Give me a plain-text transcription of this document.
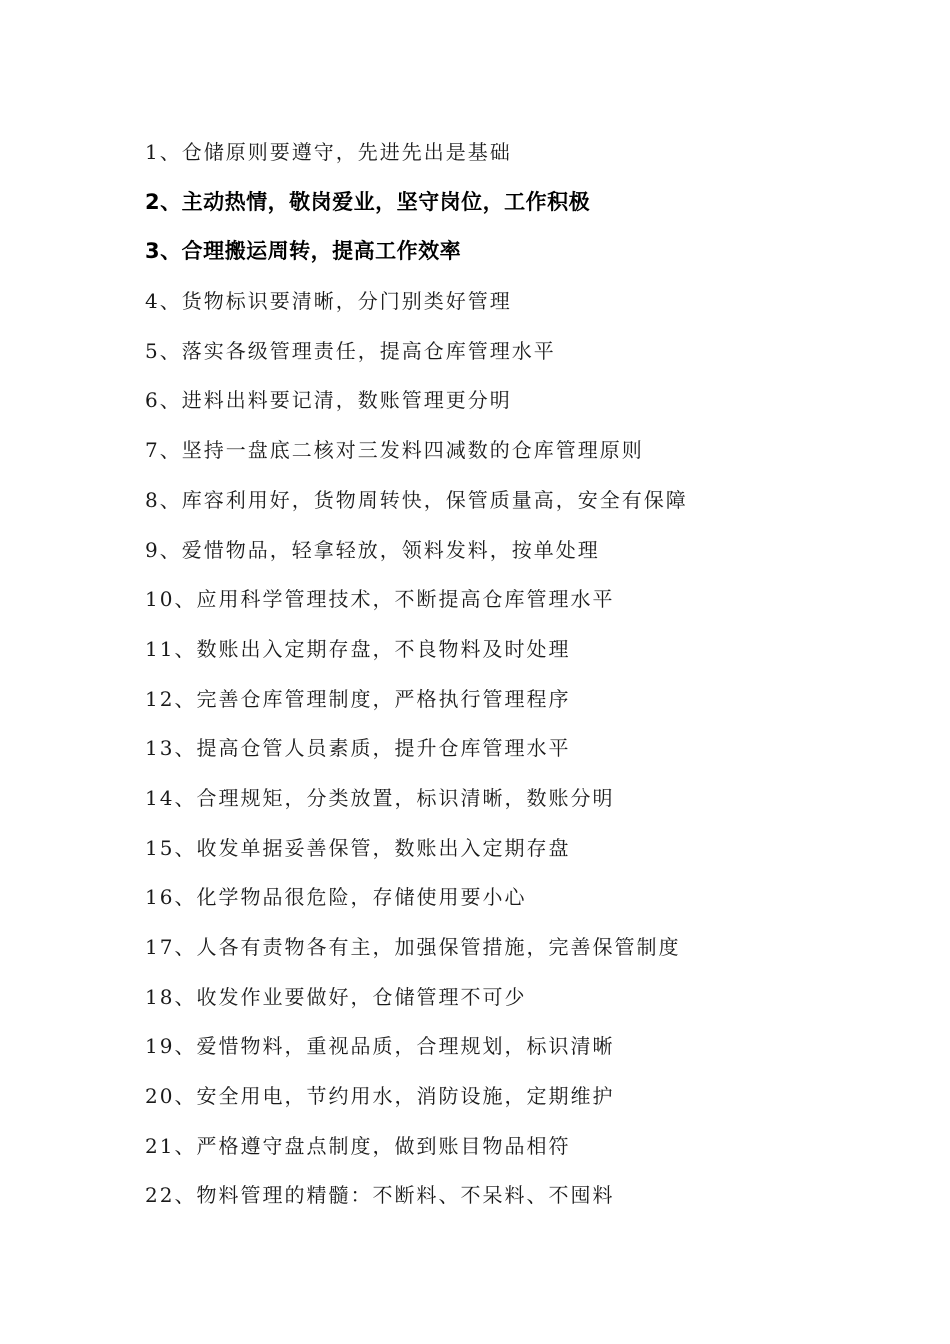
1、仓储原则要遵守，先进先出是基础
2、主动热情，敬岗爱业，坚守岗位，工作积极
3、合理搬运周转，提高工作效率
4、货物标识要清晰，分门别类好管理
5、落实各级管理责任，提高仓库管理水平
6、进料出料要记清，数账管理更分明
7、坚持一盘底二核对三发料四减数的仓库管理原则
8、库容利用好，货物周转快，保管质量高，安全有保障
9、爱惜物品，轻拿轻放，领料发料，按单处理
10、应用科学管理技术，不断提高仓库管理水平
11、数账出入定期存盘，不良物料及时处理
12、完善仓库管理制度，严格执行管理程序
13、提高仓管人员素质，提升仓库管理水平
14、合理规矩，分类放置，标识清晰，数账分明
15、收发单据妥善保管，数账出入定期存盘
16、化学物品很危险，存储使用要小心
17、人各有责物各有主，加强保管措施，完善保管制度
18、收发作业要做好，仓储管理不可少
19、爱惜物料，重视品质，合理规划，标识清晰
20、安全用电，节约用水，消防设施，定期维护
21、严格遵守盘点制度，做到账目物品相符
22、物料管理的精髓：不断料、不呆料、不囤料
